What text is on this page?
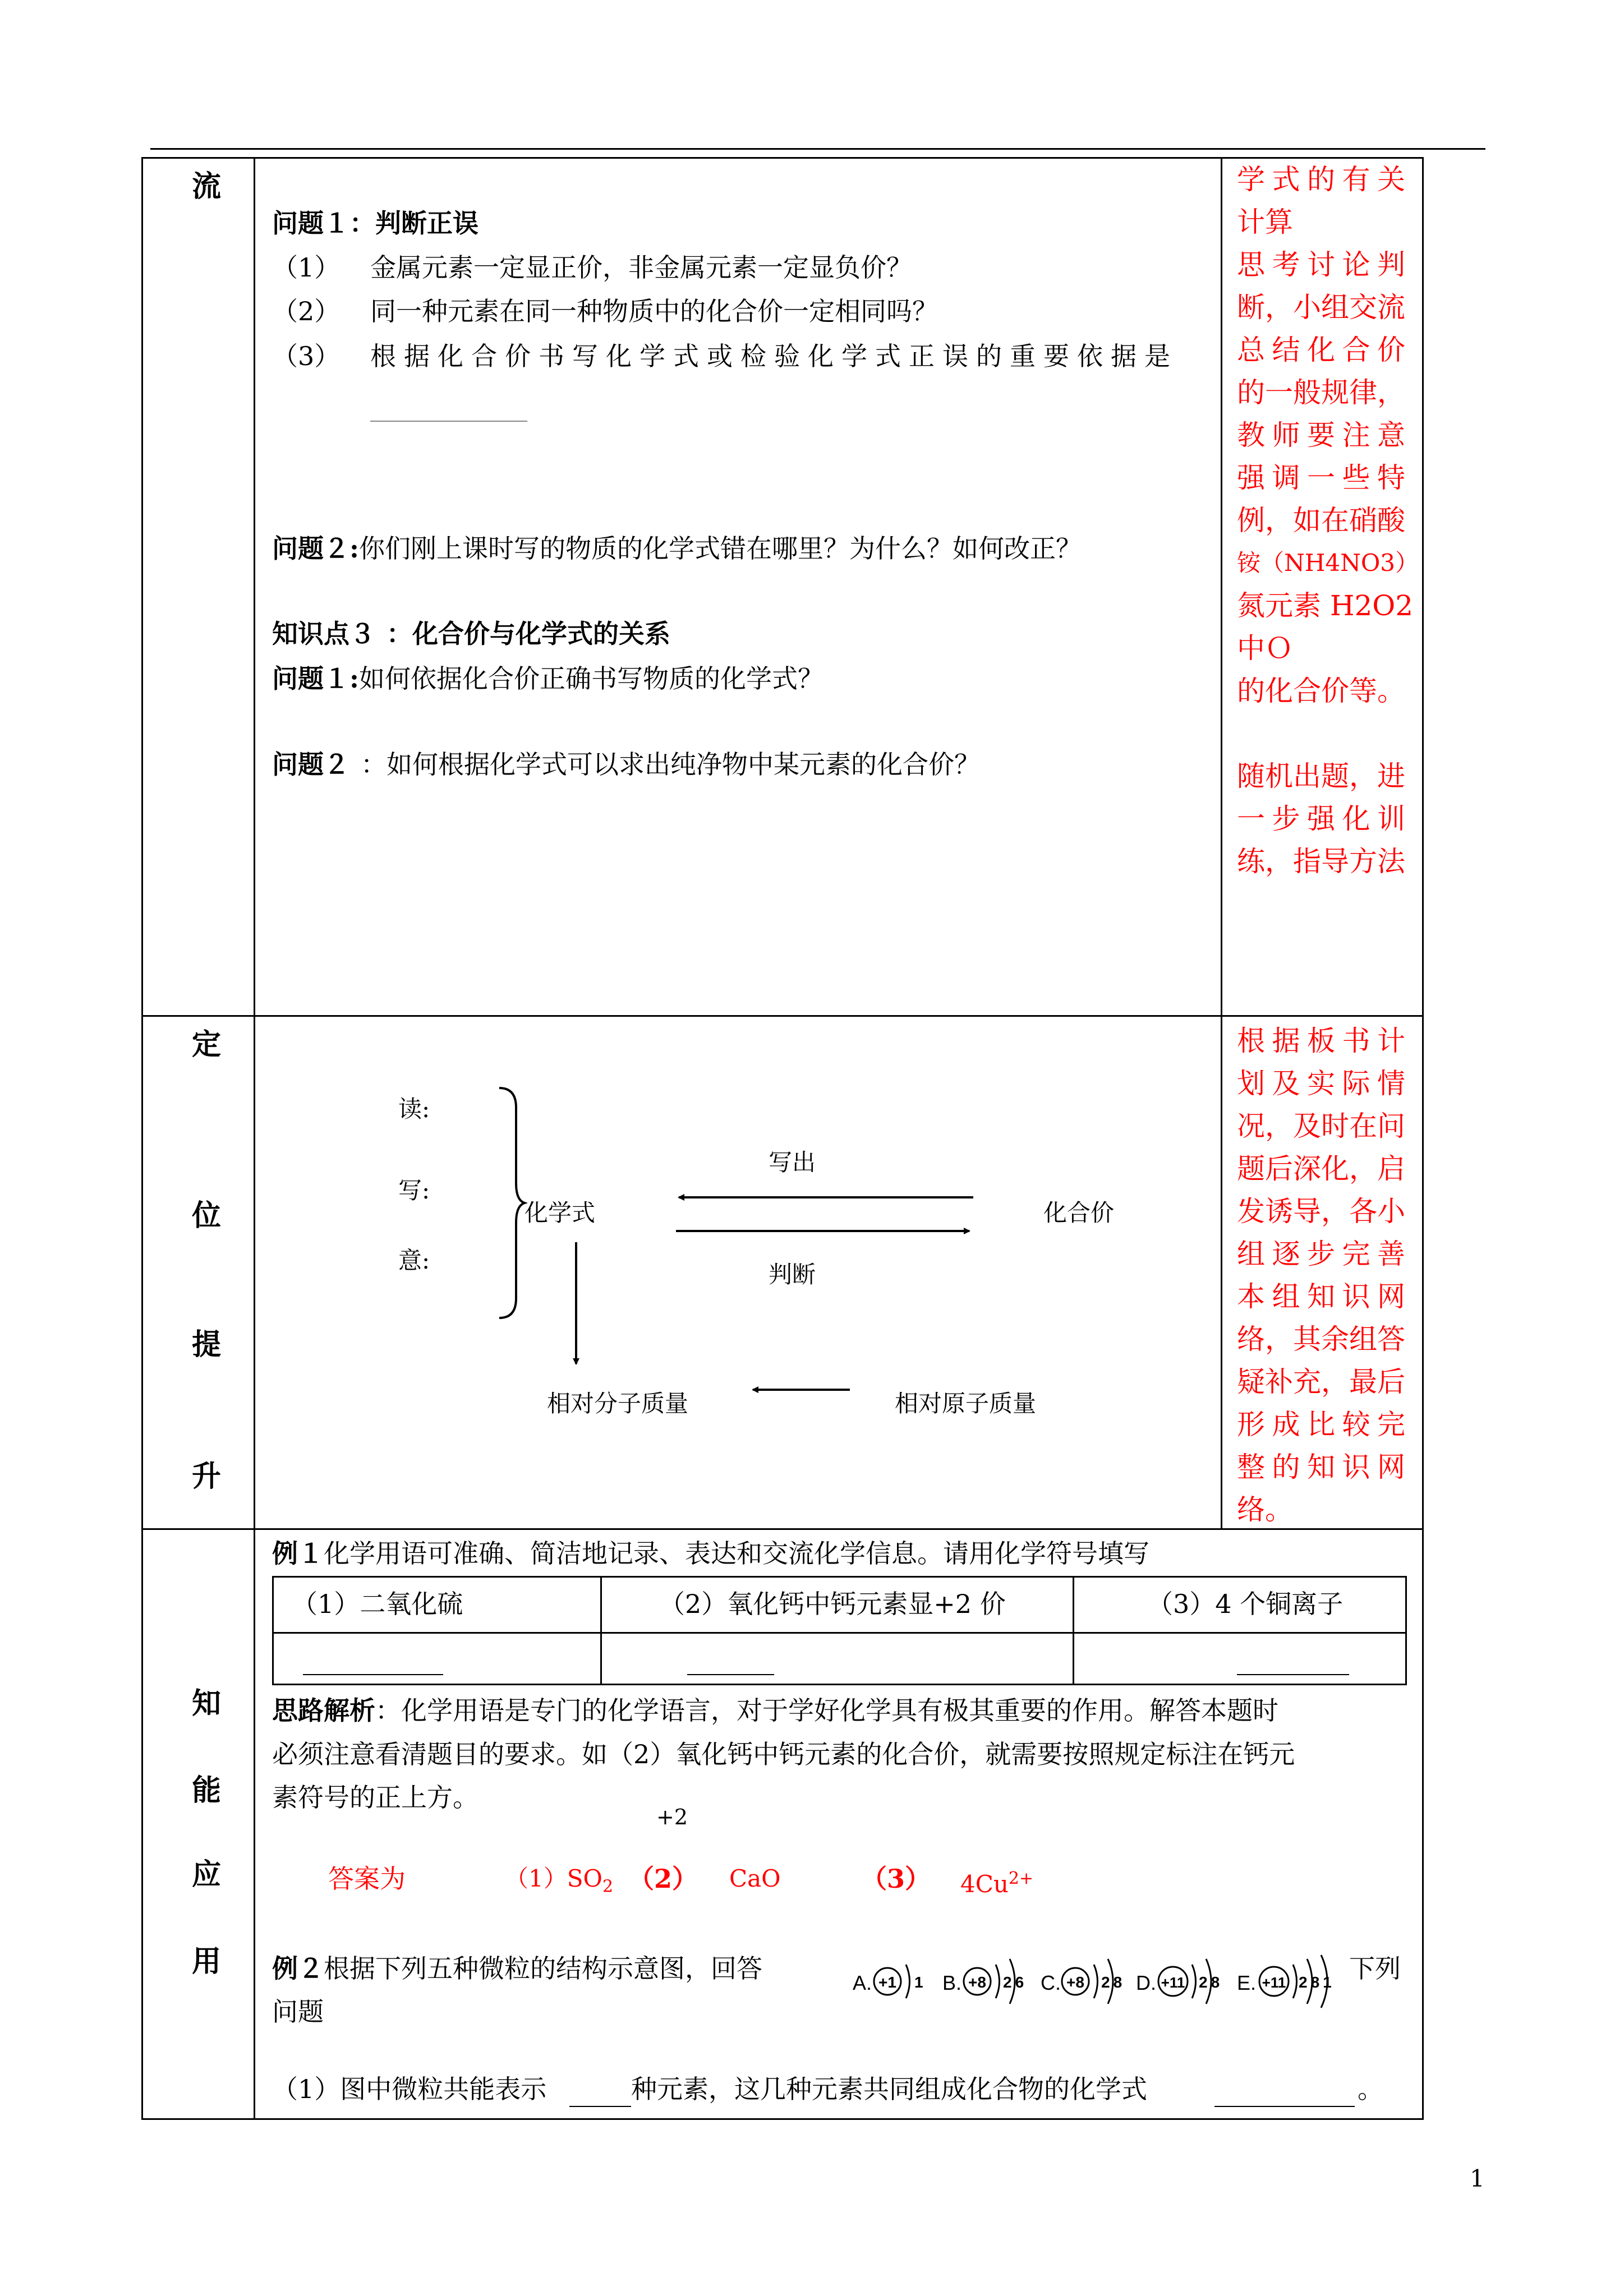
流
问题１：判断正误
（1） 金属元素一定显正价，非金属元素一定显负价？
（2） 同一种元素在同一种物质中的化合价一定相同吗？
（3） 根据化合价书写化学式或检验化学式正误的重要依据是
问题２:你们刚上课时写的物质的化学式错在哪里？为什么？如何改正？
知识点３ ：化合价与化学式的关系
问题１:如何依据化合价正确书写物质的化学式？
问题２ ：如何根据化学式可以求出纯净物中某元素的化合价？
学式的有关
计算
思考讨论判
断，小组交流
总结化合价
的一般规律，
教师要注意
强调一些特
例，如在硝酸
铵（NH4NO3）
氮元素 H2O2
中Ｏ
的化合价等。
随机出题，进
一步强化训
练，指导方法
定
位
提
升
读:
写:
意:
化学式	化合价
写出
判断
相对分子质量	相对原子质量
根据板书计
划及实际情
况，及时在问
题后深化，启
发诱导，各小
组逐步完善
本组知识网
络，其余组答
疑补充，最后
形成比较完
整的知识网
络。
知
能
应
用
例１化学用语可准确、简洁地记录、表达和交流化学信息。请用化学符号填写
（1）二氧化硫	（2）氧化钙中钙元素显+2 价	（3）4 个铜离子
思路解析：化学用语是专门的化学语言，对于学好化学具有极其重要的作用。解答本题时
必须注意看清题目的要求。如（2）氧化钙中钙元素的化合价，就需要按照规定标注在钙元
素符号的正上方。
+2
答案为	$(1)SO_2$ （2） CaO	（3） $4Cu^{2+}$
例２根据下列五种微粒的结构示意图，回答	下列
问题
A. +1 1 B. +8 26 C. +8 28 D. +11 28 E. +11 281
（1）图中微粒共能表示	种元素，这几种元素共同组成化合物的化学式	。
1
